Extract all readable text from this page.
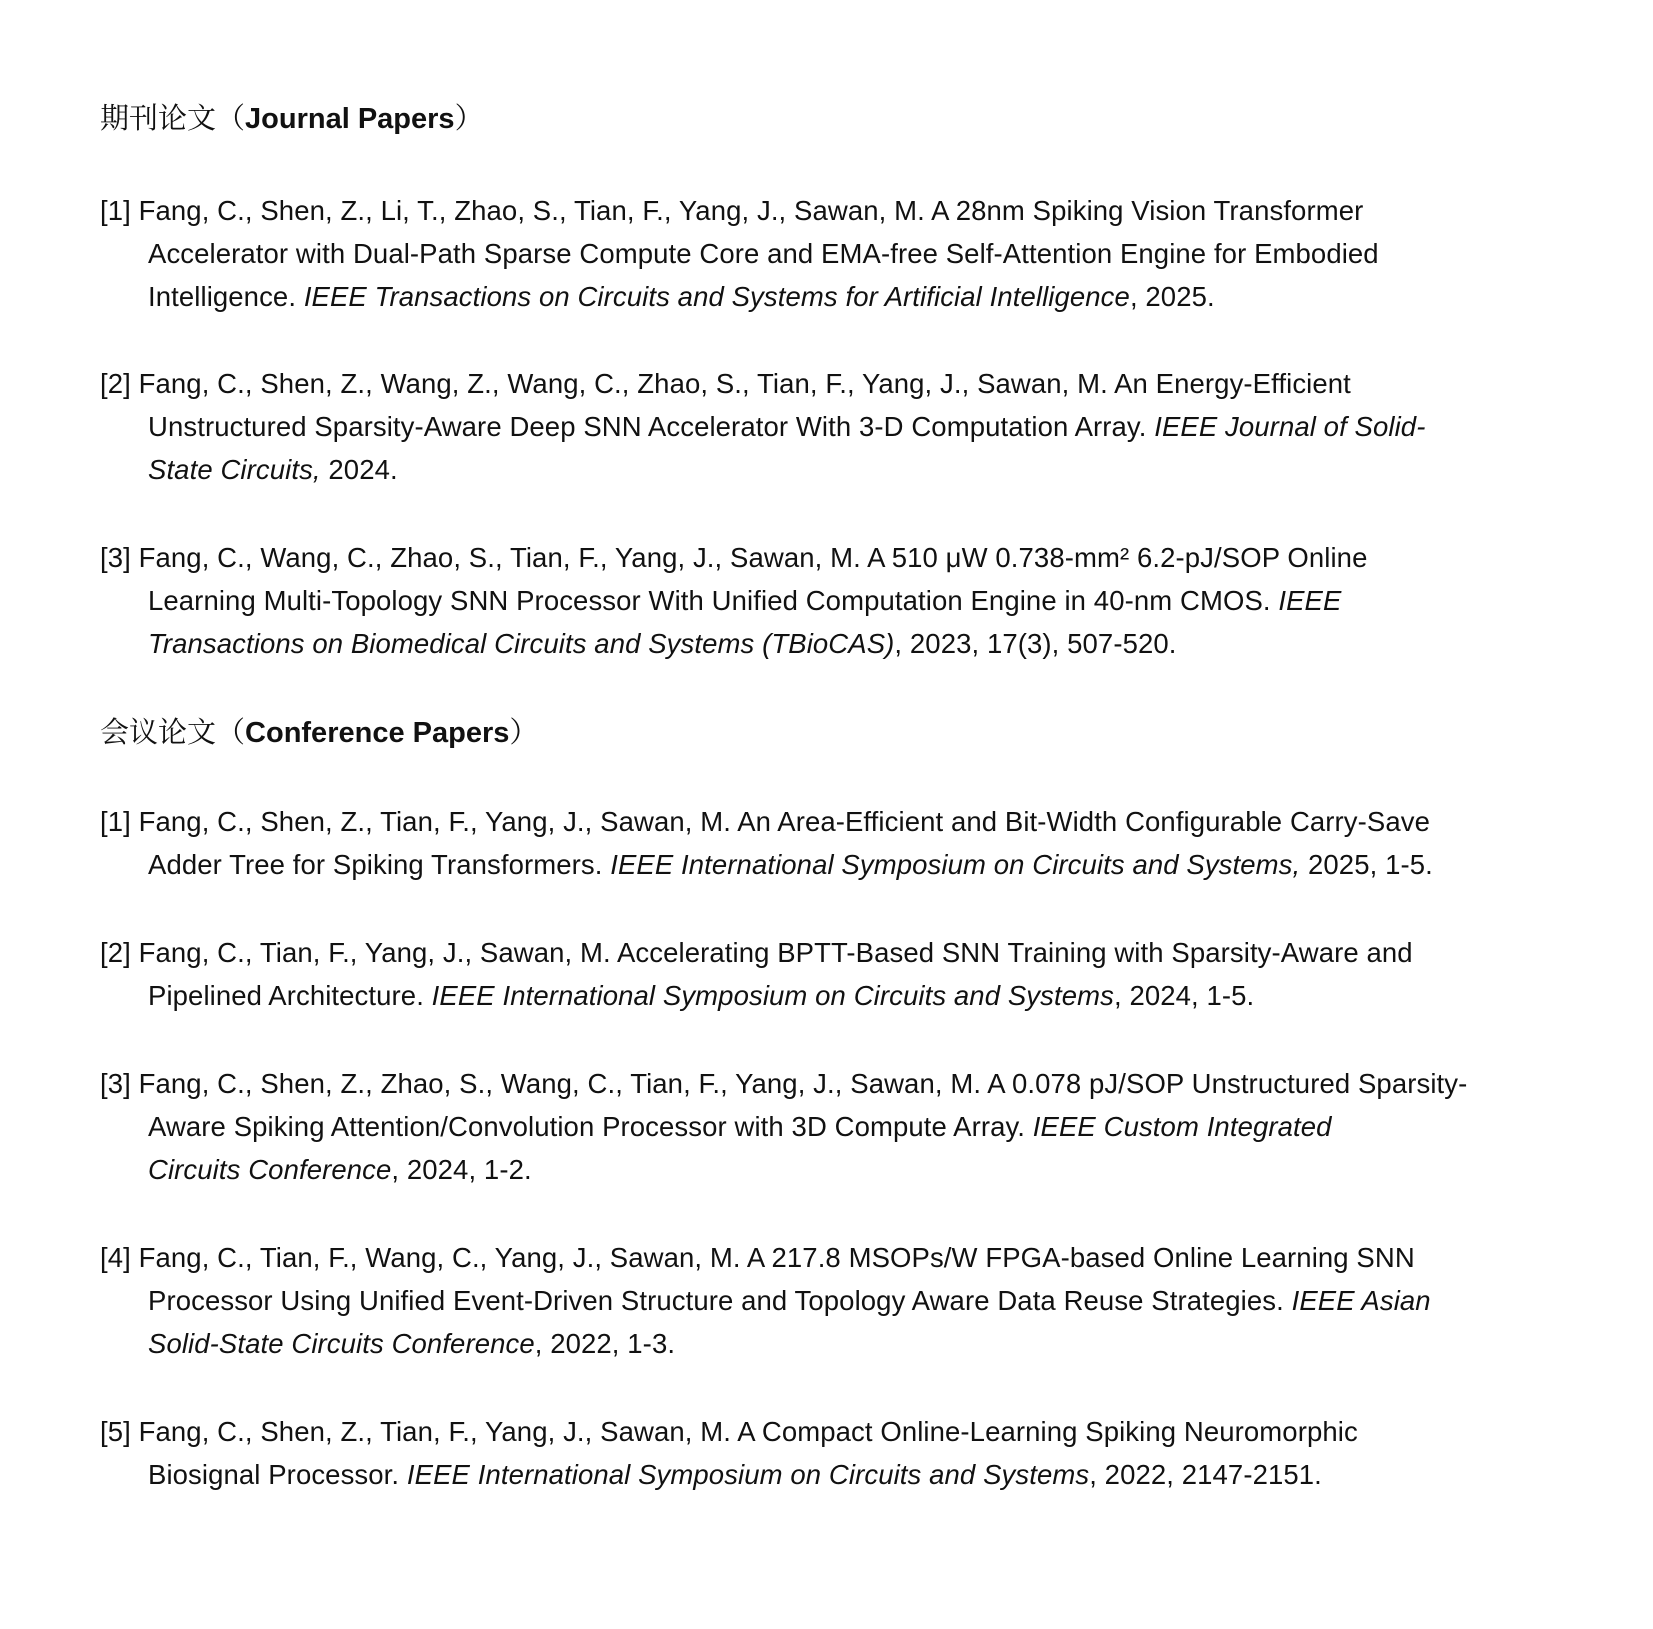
期刊论文（Journal Papers）
[1] Fang, C., Shen, Z., Li, T., Zhao, S., Tian, F., Yang, J., Sawan, M. A 28nm Spiking Vision Transformer
Accelerator with Dual-Path Sparse Compute Core and EMA-free Self-Attention Engine for Embodied
Intelligence. IEEE Transactions on Circuits and Systems for Artificial Intelligence, 2025.
[2] Fang, C., Shen, Z., Wang, Z., Wang, C., Zhao, S., Tian, F., Yang, J., Sawan, M. An Energy-Efficient
Unstructured Sparsity-Aware Deep SNN Accelerator With 3-D Computation Array. IEEE Journal of Solid-
State Circuits, 2024.
[3] Fang, C., Wang, C., Zhao, S., Tian, F., Yang, J., Sawan, M. A 510 μW 0.738-mm² 6.2-pJ/SOP Online
Learning Multi-Topology SNN Processor With Unified Computation Engine in 40-nm CMOS. IEEE
Transactions on Biomedical Circuits and Systems (TBioCAS), 2023, 17(3), 507-520.
会议论文（Conference Papers）
[1] Fang, C., Shen, Z., Tian, F., Yang, J., Sawan, M. An Area-Efficient and Bit-Width Configurable Carry-Save
Adder Tree for Spiking Transformers. IEEE International Symposium on Circuits and Systems, 2025, 1-5.
[2] Fang, C., Tian, F., Yang, J., Sawan, M. Accelerating BPTT-Based SNN Training with Sparsity-Aware and
Pipelined Architecture. IEEE International Symposium on Circuits and Systems, 2024, 1-5.
[3] Fang, C., Shen, Z., Zhao, S., Wang, C., Tian, F., Yang, J., Sawan, M. A 0.078 pJ/SOP Unstructured Sparsity-
Aware Spiking Attention/Convolution Processor with 3D Compute Array. IEEE Custom Integrated
Circuits Conference, 2024, 1-2.
[4] Fang, C., Tian, F., Wang, C., Yang, J., Sawan, M. A 217.8 MSOPs/W FPGA-based Online Learning SNN
Processor Using Unified Event-Driven Structure and Topology Aware Data Reuse Strategies. IEEE Asian
Solid-State Circuits Conference, 2022, 1-3.
[5] Fang, C., Shen, Z., Tian, F., Yang, J., Sawan, M. A Compact Online-Learning Spiking Neuromorphic
Biosignal Processor. IEEE International Symposium on Circuits and Systems, 2022, 2147-2151.
